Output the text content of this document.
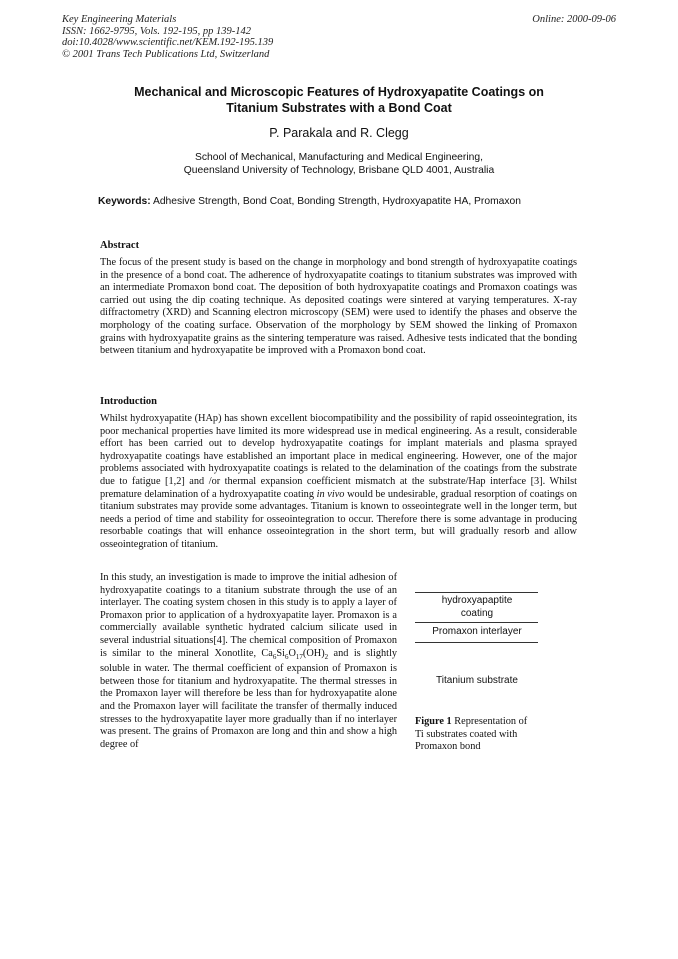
Key Engineering Materials
ISSN: 1662-9795, Vols. 192-195, pp 139-142
doi:10.4028/www.scientific.net/KEM.192-195.139
© 2001 Trans Tech Publications Ltd, Switzerland
Online: 2000-09-06
Mechanical and Microscopic Features of Hydroxyapatite Coatings on
Titanium Substrates with a Bond Coat
P. Parakala and R. Clegg
School of Mechanical, Manufacturing and Medical Engineering,
Queensland University of Technology, Brisbane QLD 4001, Australia
Keywords: Adhesive Strength, Bond Coat, Bonding Strength, Hydroxyapatite HA, Promaxon
Abstract
The focus of the present study is based on the change in morphology and bond strength of hydroxyapatite coatings in the presence of a bond coat. The adherence of hydroxyapatite coatings to titanium substrates was improved with an intermediate Promaxon bond coat. The deposition of both hydroxyapatite coatings and Promaxon coatings was carried out using the dip coating technique. As deposited coatings were sintered at varying temperatures. X-ray diffractometry (XRD) and Scanning electron microscopy (SEM) were used to identify the phases and observe the morphology of the coating surface. Observation of the morphology by SEM showed the linking of Promaxon grains with hydroxyapatite grains as the sintering temperature was raised. Adhesive tests indicated that the bonding between titanium and hydroxyapatite be improved with a Promaxon bond coat.
Introduction
Whilst hydroxyapatite (HAp) has shown excellent biocompatibility and the possibility of rapid osseointegration, its poor mechanical properties have limited its more widespread use in medical engineering. As a result, considerable effort has been carried out to develop hydroxyapatite coatings for implant materials and plasma sprayed hydroxyapatite coatings have established an important place in medical engineering. However, one of the major problems associated with hydroxyapatite coatings is related to the delamination of the coatings from the substrate due to fatigue [1,2] and /or thermal expansion coefficient mismatch at the substrate/Hap interface [3]. Whilst premature delamination of a hydroxyapatite coating in vivo would be undesirable, gradual resorption of coatings on titanium substrates may provide some advantages. Titanium is known to osseointegrate well in the longer term, but needs a period of time and stability for osseointegration to occur. Therefore there is some advantage in producing resorbable coatings that will enhance osseointegration in the short term, but will gradually resorb and allow osseointegration of titanium.
In this study, an investigation is made to improve the initial adhesion of hydroxyapatite coatings to a titanium substrate through the use of an interlayer. The coating system chosen in this study is to apply a layer of Promaxon prior to application of a hydroxyapatite layer. Promaxon is a commercially available synthetic hydrated calcium silicate used in several industrial situations[4]. The chemical composition of Promaxon is similar to the mineral Xonotlite, $Ca_6Si_6O_{17}(OH)_2$ and is slightly soluble in water. The thermal coefficient of expansion of Promaxon is between those for titanium and hydroxyapatite. The thermal stresses in the Promaxon layer will therefore be less than for hydroxyapatite alone and the Promaxon layer will facilitate the transfer of thermally induced stresses to the hydroxyapatite layer more gradually than if no interlayer was present. The grains of Promaxon are long and thin and show a high degree of
hydroxyapaptite
coating
Promaxon interlayer
Titanium substrate
Figure 1 Representation of Ti substrates coated with Promaxon bond
